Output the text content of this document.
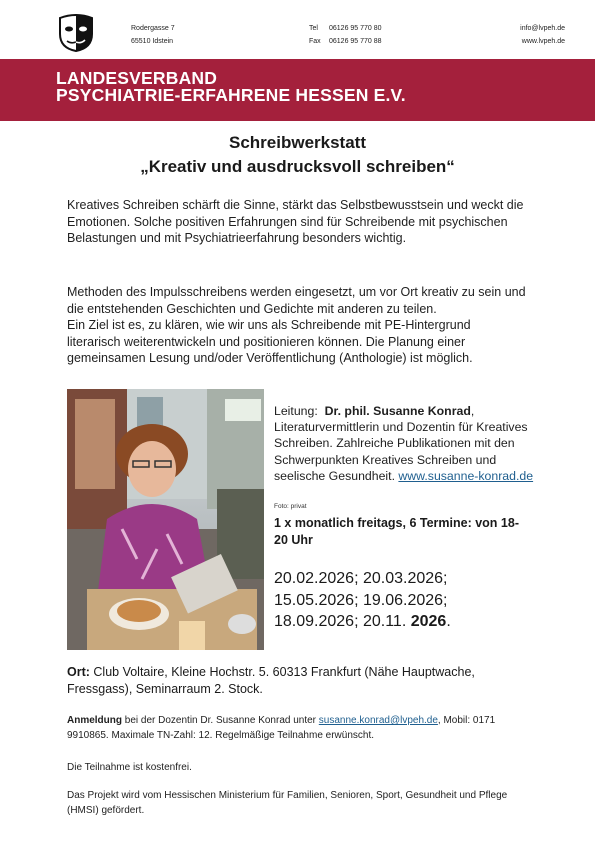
Rodergasse 7
65510 Idstein
Tel 06126 95 770 80
Fax 06126 95 770 88
info@lvpeh.de
www.lvpeh.de
LANDESVERBAND
PSYCHIATRIE-ERFAHRENE HESSEN E.V.
Schreibwerkstatt
„Kreativ und ausdrucksvoll schreiben“
Kreatives Schreiben schärft die Sinne, stärkt das Selbstbewusstsein und weckt die Emotionen. Solche positiven Erfahrungen sind für Schreibende mit psychischen Belastungen und mit Psychiatrieerfahrung besonders wichtig.
Methoden des Impulsschreibens werden eingesetzt, um vor Ort kreativ zu sein und die entstehenden Geschichten und Gedichte mit anderen zu teilen.
Ein Ziel ist es, zu klären, wie wir uns als Schreibende mit PE-Hintergrund literarisch weiterentwickeln und positionieren können. Die Planung einer gemeinsamen Lesung und/oder Veröffentlichung (Anthologie) ist möglich.
Leitung: Dr. phil. Susanne Konrad, Literaturvermittlerin und Dozentin für Kreatives Schreiben. Zahlreiche Publikationen mit den Schwerpunkten Kreatives Schreiben und seelische Gesundheit. www.susanne-konrad.de
Foto: privat
1 x monatlich freitags, 6 Termine: von 18-20 Uhr
20.02.2026; 20.03.2026;
15.05.2026; 19.06.2026;
18.09.2026; 20.11. 2026.
Ort: Club Voltaire, Kleine Hochstr. 5. 60313 Frankfurt (Nähe Hauptwache, Fressgass), Seminarraum 2. Stock.
Anmeldung bei der Dozentin Dr. Susanne Konrad unter susanne.konrad@lvpeh.de, Mobil: 0171 9910865. Maximale TN-Zahl: 12. Regelmäßige Teilnahme erwünscht.
Die Teilnahme ist kostenfrei.
Das Projekt wird vom Hessischen Ministerium für Familien, Senioren, Sport, Gesundheit und Pflege (HMSI) gefördert.
